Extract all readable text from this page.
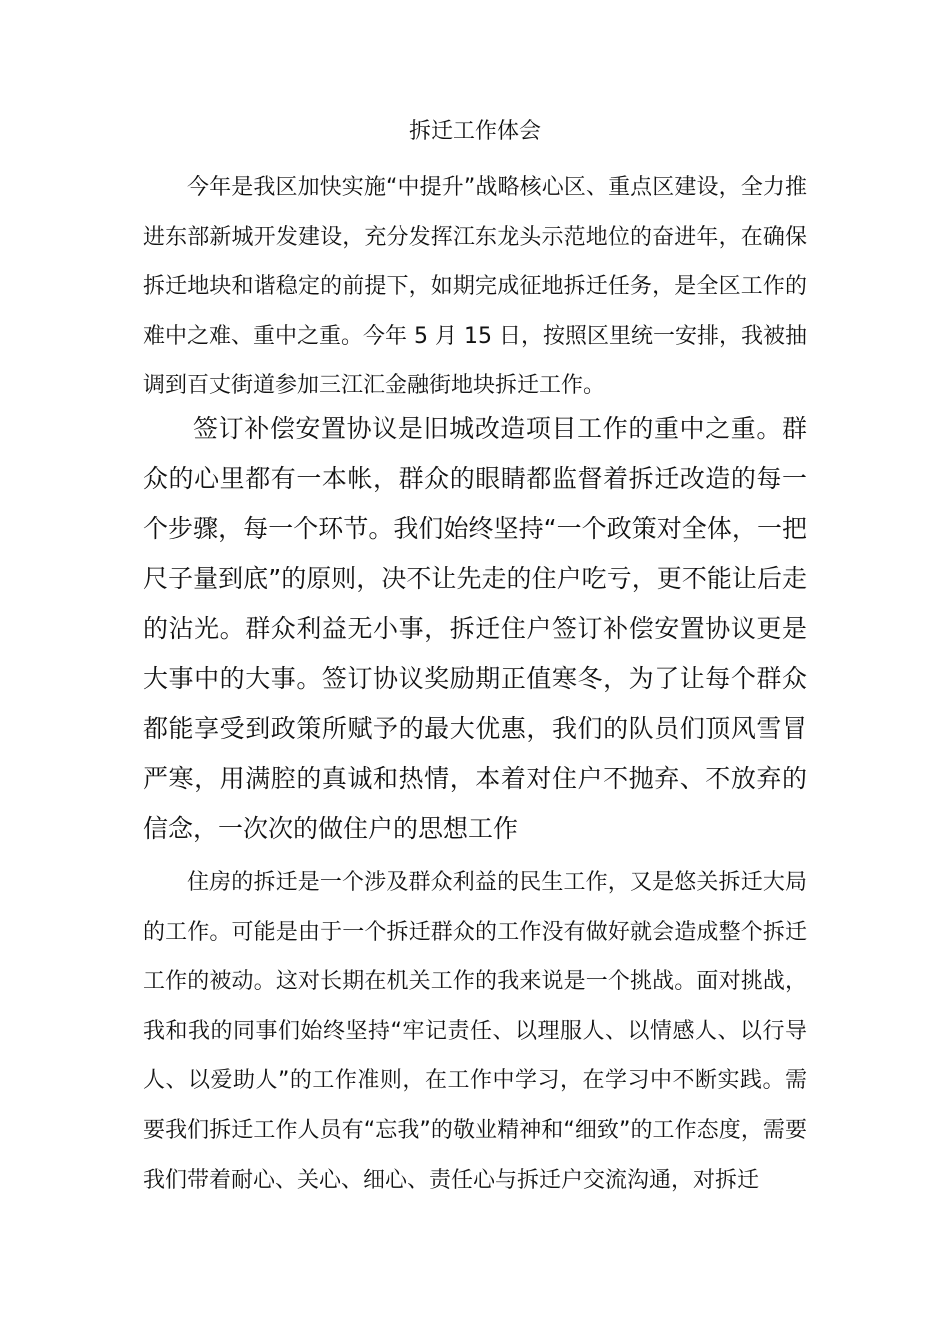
拆迁工作体会

今年是我区加快实施“中提升”战略核心区、重点区建设，全力推进东部新城开发建设，充分发挥江东龙头示范地位的奋进年，在确保拆迁地块和谐稳定的前提下，如期完成征地拆迁任务，是全区工作的难中之难、重中之重。今年 5 月 15 日，按照区里统一安排，我被抽调到百丈街道参加三江汇金融街地块拆迁工作。

签订补偿安置协议是旧城改造项目工作的重中之重。群众的心里都有一本帐，群众的眼睛都监督着拆迁改造的每一个步骤，每一个环节。我们始终坚持“一个政策对全体，一把尺子量到底”的原则，决不让先走的住户吃亏，更不能让后走的沾光。群众利益无小事，拆迁住户签订补偿安置协议更是大事中的大事。签订协议奖励期正值寒冬，为了让每个群众都能享受到政策所赋予的最大优惠，我们的队员们顶风雪冒严寒，用满腔的真诚和热情，本着对住户不抛弃、不放弃的信念，一次次的做住户的思想工作

住房的拆迁是一个涉及群众利益的民生工作，又是悠关拆迁大局的工作。可能是由于一个拆迁群众的工作没有做好就会造成整个拆迁工作的被动。这对长期在机关工作的我来说是一个挑战。面对挑战，我和我的同事们始终坚持“牢记责任、以理服人、以情感人、以行导人、以爱助人”的工作准则，在工作中学习，在学习中不断实践。需要我们拆迁工作人员有“忘我”的敬业精神和“细致”的工作态度，需要我们带着耐心、关心、细心、责任心与拆迁户交流沟通，对拆迁
